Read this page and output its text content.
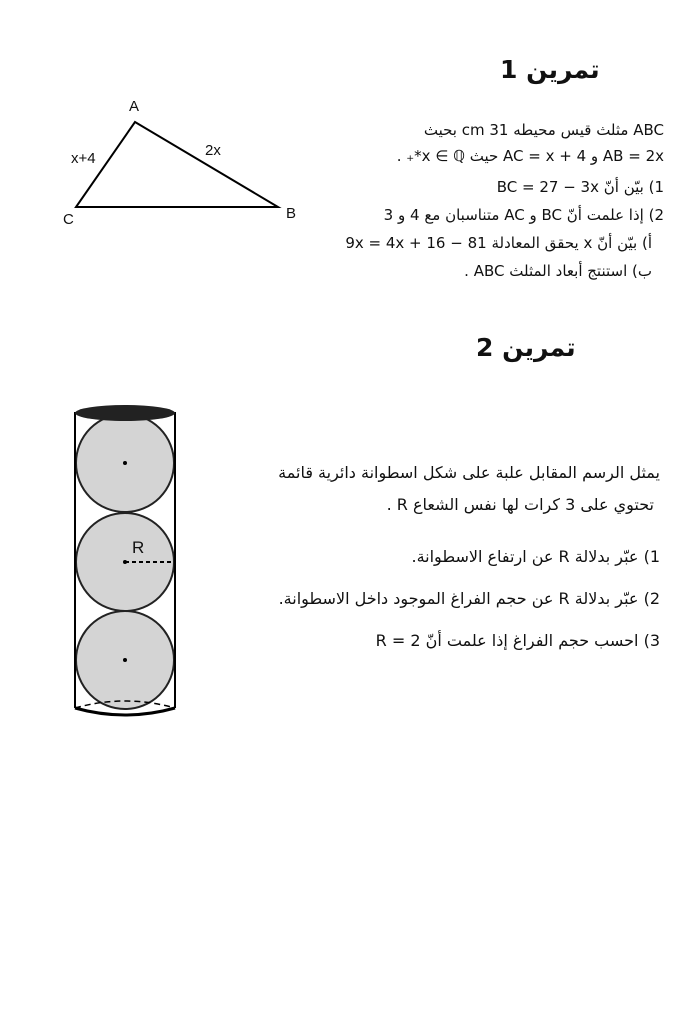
تمرين 1
A
B
C
x+4	2x
R
ABC مثلث قيس محيطه 31 cm بحيث
AB = 2x و AC = x + 4 حيث x ∈ ℚ*₊ .
1) بيّن أنّ BC = 27 − 3x
2) إذا علمت أنّ BC و AC متناسبان مع 4 و 3
أ) بيّن أنّ x يحقق المعادلة 81 − 9x = 4x + 16
ب) استنتج أبعاد المثلث ABC .
تمرين 2
يمثل الرسم المقابل علبة على شكل اسطوانة دائرية قائمة
تحتوي على 3 كرات لها نفس الشعاع R .
1) عبّر بدلالة R عن ارتفاع الاسطوانة.
2) عبّر بدلالة R عن حجم الفراغ الموجود داخل الاسطوانة.
3) احسب حجم الفراغ إذا علمت أنّ R = 2
